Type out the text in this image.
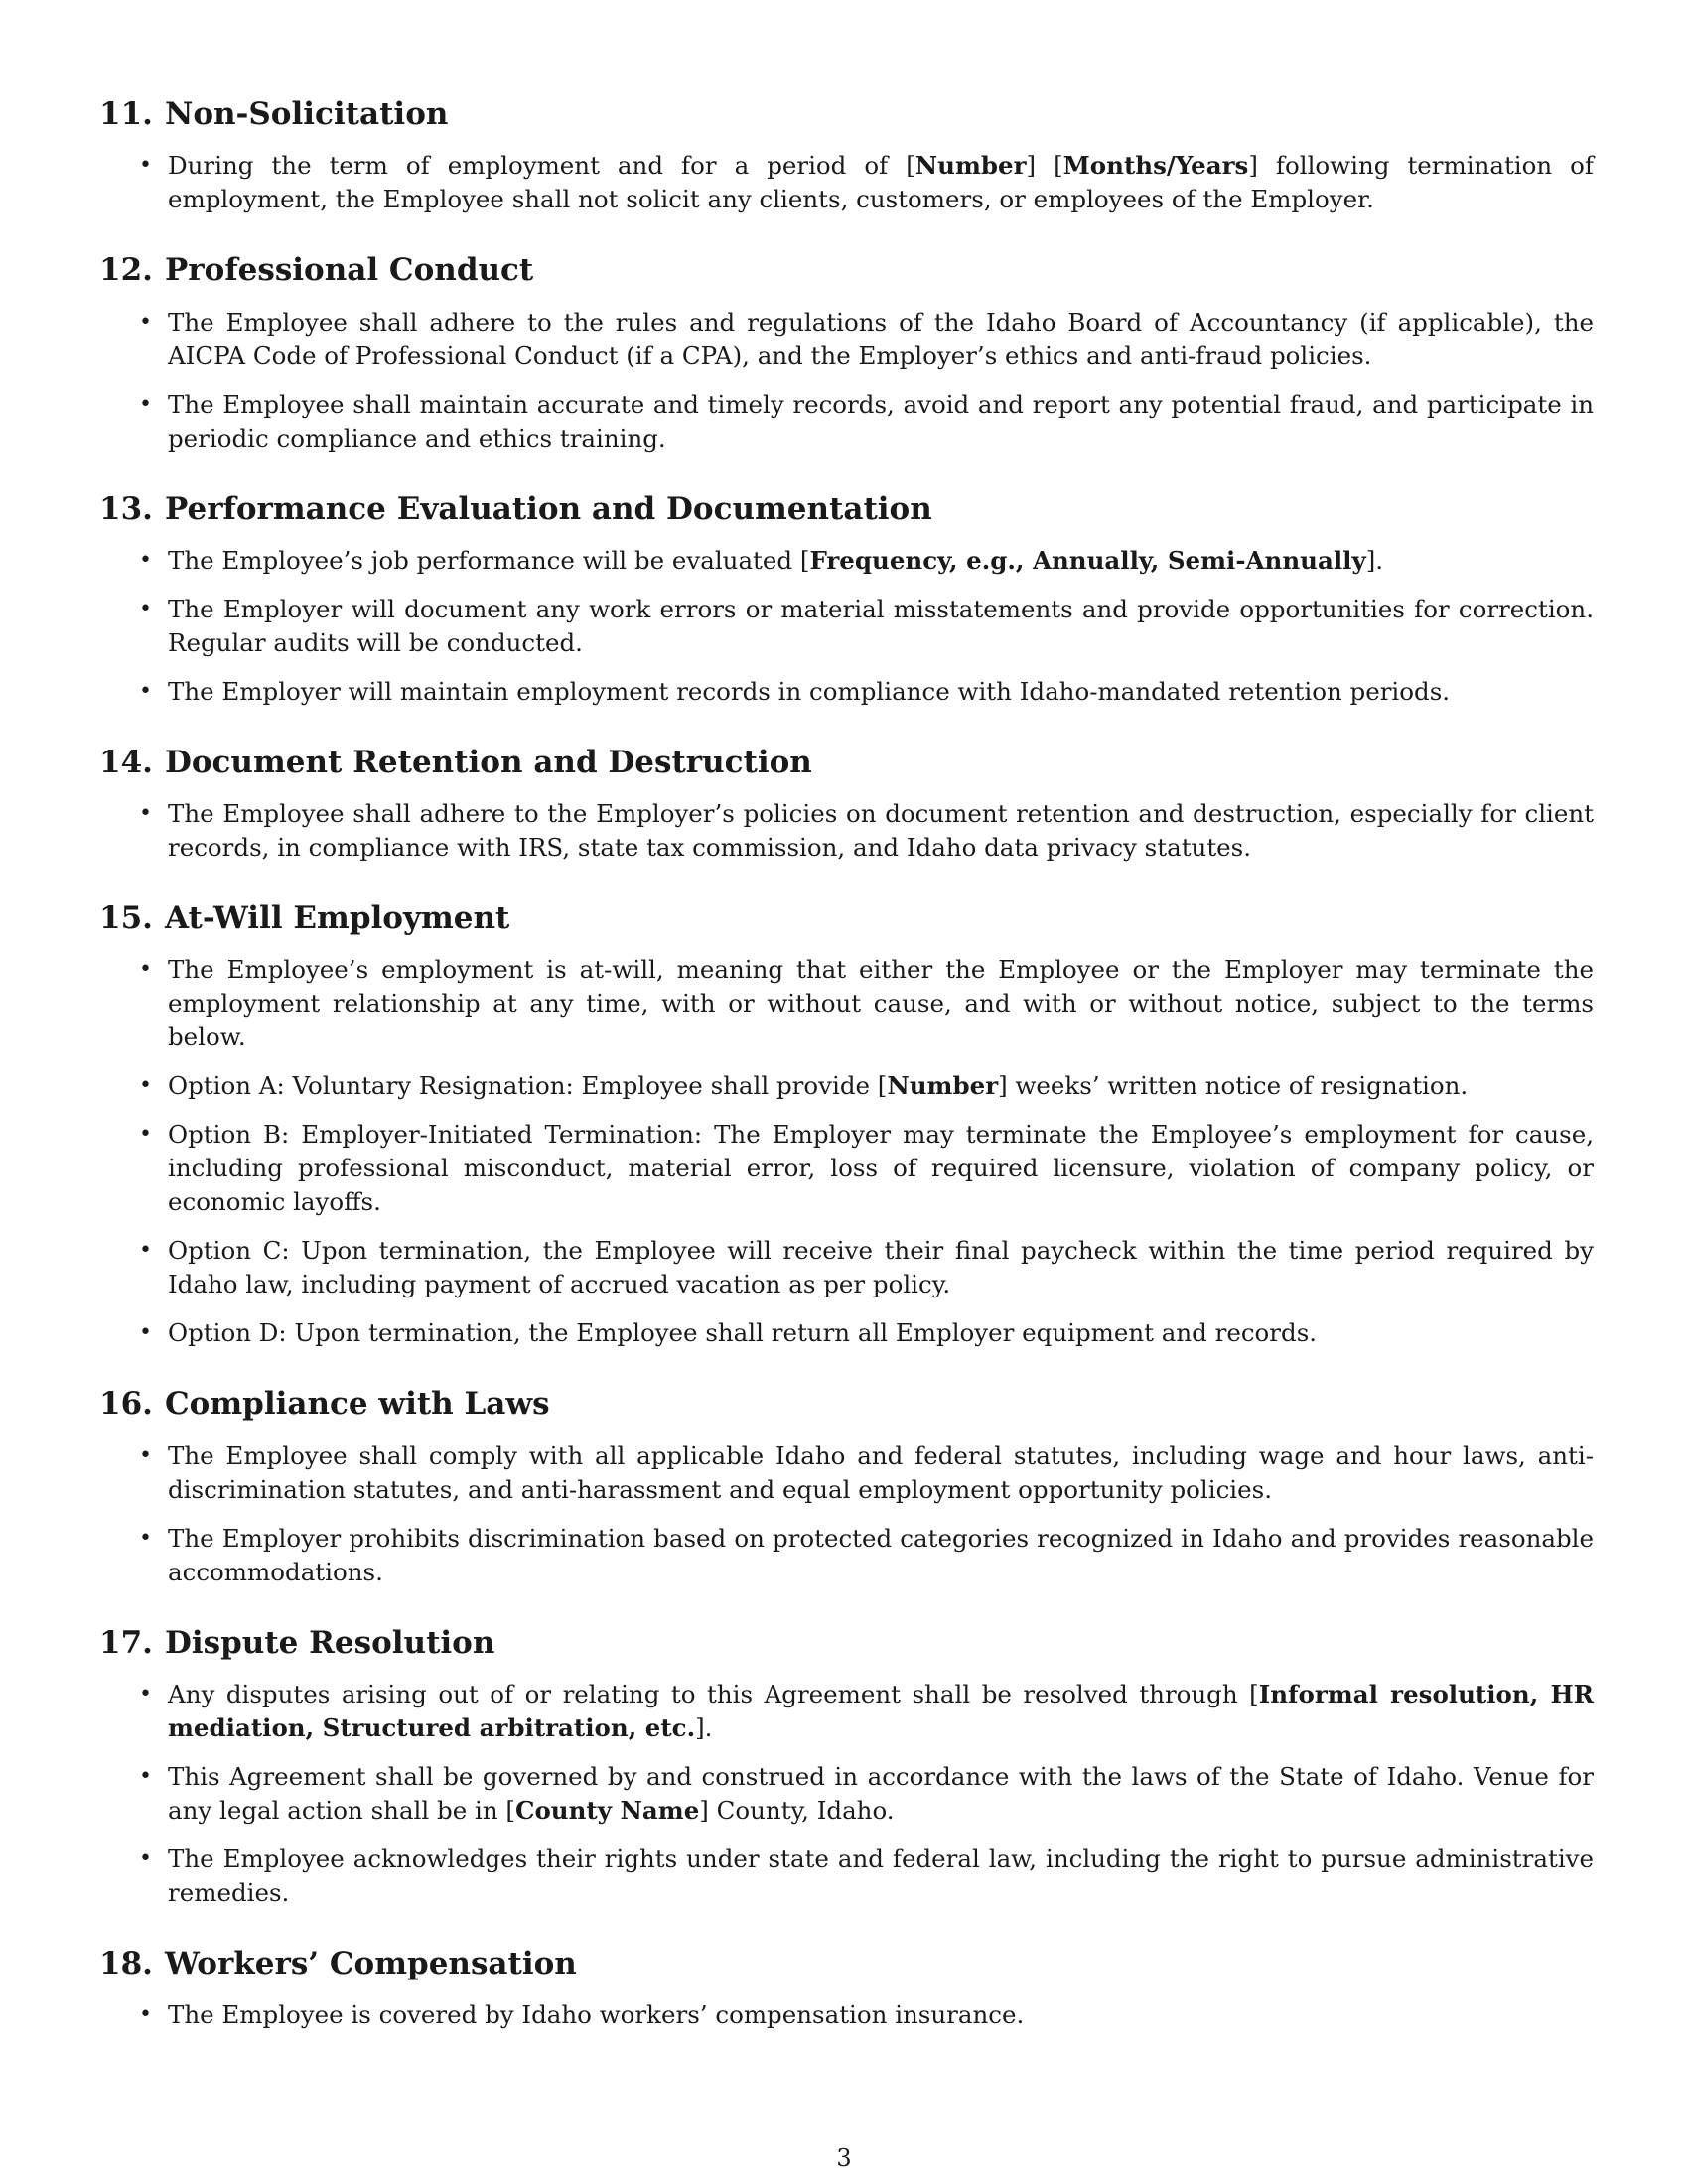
11. Non-Solicitation
• During the term of employment and for a period of [Number] [Months/Years] following termination of employment, the Employee shall not solicit any clients, customers, or employees of the Employer.
12. Professional Conduct
• The Employee shall adhere to the rules and regulations of the Idaho Board of Accountancy (if applicable), the AICPA Code of Professional Conduct (if a CPA), and the Employer’s ethics and anti-fraud policies.
• The Employee shall maintain accurate and timely records, avoid and report any potential fraud, and participate in periodic compliance and ethics training.
13. Performance Evaluation and Documentation
• The Employee’s job performance will be evaluated [Frequency, e.g., Annually, Semi-Annually].
• The Employer will document any work errors or material misstatements and provide opportunities for correction. Regular audits will be conducted.
• The Employer will maintain employment records in compliance with Idaho-mandated retention periods.
14. Document Retention and Destruction
• The Employee shall adhere to the Employer’s policies on document retention and destruction, especially for client records, in compliance with IRS, state tax commission, and Idaho data privacy statutes.
15. At-Will Employment
• The Employee’s employment is at-will, meaning that either the Employee or the Employer may terminate the employment relationship at any time, with or without cause, and with or without notice, subject to the terms below.
• Option A: Voluntary Resignation: Employee shall provide [Number] weeks’ written notice of resignation.
• Option B: Employer-Initiated Termination: The Employer may terminate the Employee’s employment for cause, including professional misconduct, material error, loss of required licensure, violation of company policy, or economic layoffs.
• Option C: Upon termination, the Employee will receive their final paycheck within the time period required by Idaho law, including payment of accrued vacation as per policy.
• Option D: Upon termination, the Employee shall return all Employer equipment and records.
16. Compliance with Laws
• The Employee shall comply with all applicable Idaho and federal statutes, including wage and hour laws, anti-discrimination statutes, and anti-harassment and equal employment opportunity policies.
• The Employer prohibits discrimination based on protected categories recognized in Idaho and provides reasonable accommodations.
17. Dispute Resolution
• Any disputes arising out of or relating to this Agreement shall be resolved through [Informal resolution, HR mediation, Structured arbitration, etc.].
• This Agreement shall be governed by and construed in accordance with the laws of the State of Idaho. Venue for any legal action shall be in [County Name] County, Idaho.
• The Employee acknowledges their rights under state and federal law, including the right to pursue administrative remedies.
18. Workers’ Compensation
• The Employee is covered by Idaho workers’ compensation insurance.
3
